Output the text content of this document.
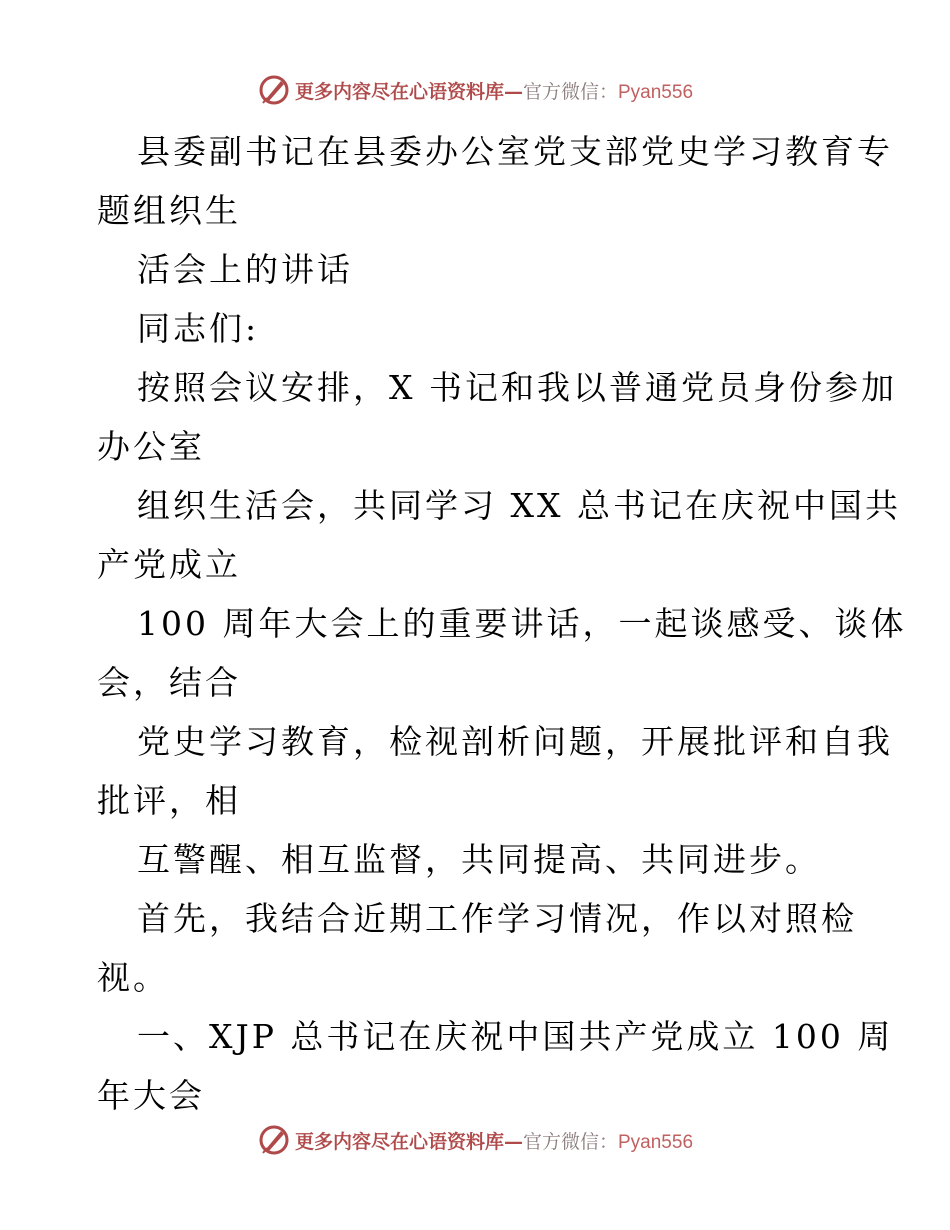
更多内容尽在心语资料库—官方微信：Pyan556

县委副书记在县委办公室党支部党史学习教育专

题组织生

活会上的讲话

同志们:

按照会议安排，X 书记和我以普通党员身份参加

办公室

组织生活会，共同学习 XX 总书记在庆祝中国共

产党成立

100 周年大会上的重要讲话，一起谈感受、谈体

会，结合

党史学习教育，检视剖析问题，开展批评和自我

批评，相

互警醒、相互监督，共同提高、共同进步。

首先，我结合近期工作学习情况，作以对照检

视。

一、XJP 总书记在庆祝中国共产党成立 100 周

年大会

更多内容尽在心语资料库—官方微信：Pyan556
